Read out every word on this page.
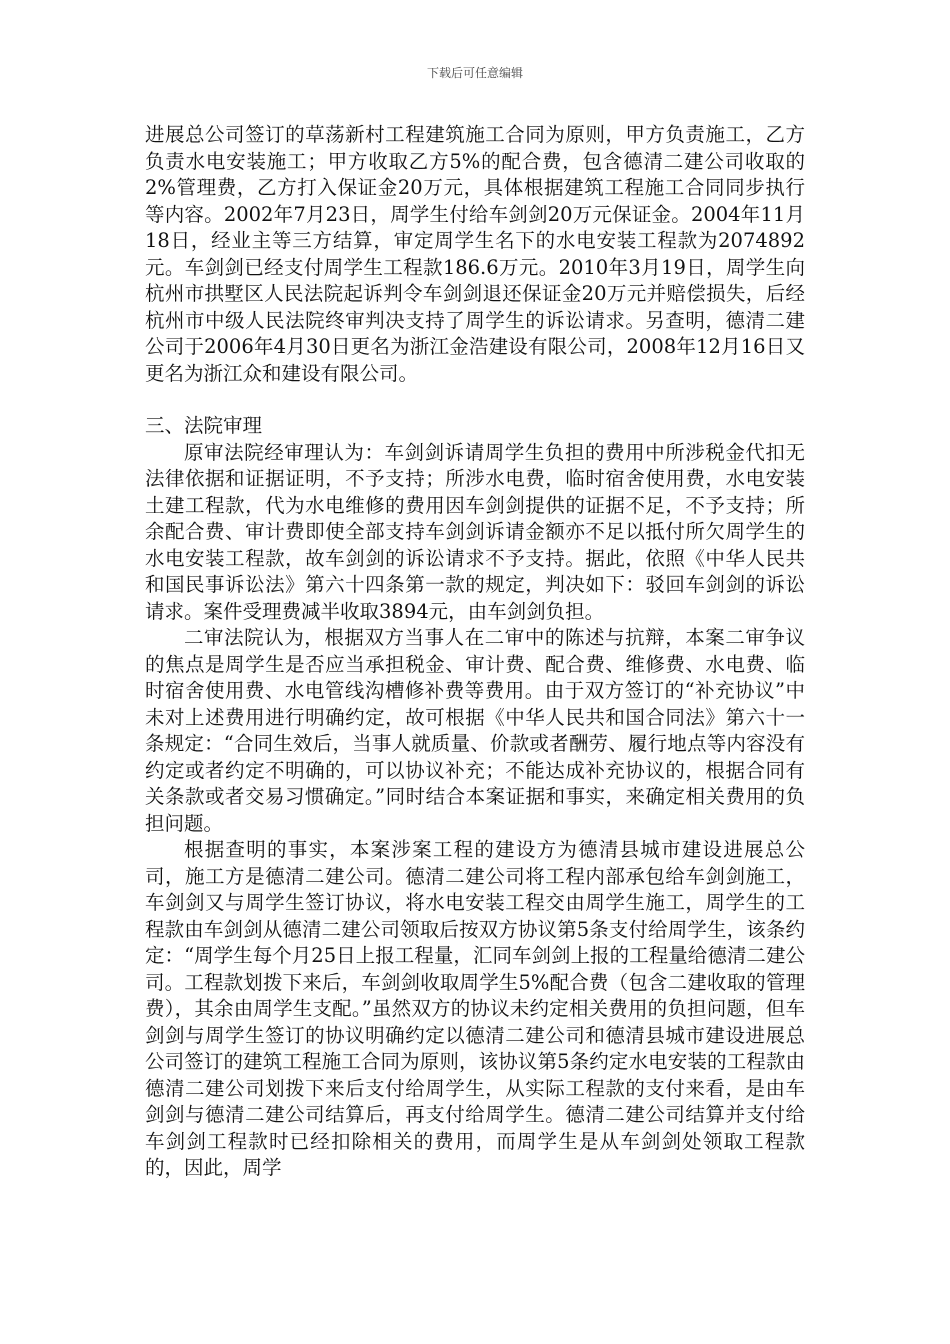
下载后可任意编辑

进展总公司签订的草荡新村工程建筑施工合同为原则，甲方负责施工，乙方负责水电安装施工；甲方收取乙方5%的配合费，包含德清二建公司收取的2%管理费，乙方打入保证金20万元，具体根据建筑工程施工合同同步执行等内容。2002年7月23日，周学生付给车剑剑20万元保证金。2004年11月18日，经业主等三方结算，审定周学生名下的水电安装工程款为2074892元。车剑剑已经支付周学生工程款186.6万元。2010年3月19日，周学生向杭州市拱墅区人民法院起诉判令车剑剑退还保证金20万元并赔偿损失，后经杭州市中级人民法院终审判决支持了周学生的诉讼请求。另查明，德清二建公司于2006年4月30日更名为浙江金浩建设有限公司，2008年12月16日又更名为浙江众和建设有限公司。

三、法院审理

原审法院经审理认为：车剑剑诉请周学生负担的费用中所涉税金代扣无法律依据和证据证明，不予支持；所涉水电费，临时宿舍使用费，水电安装土建工程款，代为水电维修的费用因车剑剑提供的证据不足，不予支持；所余配合费、审计费即使全部支持车剑剑诉请金额亦不足以抵付所欠周学生的水电安装工程款，故车剑剑的诉讼请求不予支持。据此，依照《中华人民共和国民事诉讼法》第六十四条第一款的规定，判决如下：驳回车剑剑的诉讼请求。案件受理费减半收取3894元，由车剑剑负担。

二审法院认为，根据双方当事人在二审中的陈述与抗辩，本案二审争议的焦点是周学生是否应当承担税金、审计费、配合费、维修费、水电费、临时宿舍使用费、水电管线沟槽修补费等费用。由于双方签订的“补充协议”中未对上述费用进行明确约定，故可根据《中华人民共和国合同法》第六十一条规定：“合同生效后，当事人就质量、价款或者酬劳、履行地点等内容没有约定或者约定不明确的，可以协议补充；不能达成补充协议的，根据合同有关条款或者交易习惯确定。”同时结合本案证据和事实，来确定相关费用的负担问题。

根据查明的事实，本案涉案工程的建设方为德清县城市建设进展总公司，施工方是德清二建公司。德清二建公司将工程内部承包给车剑剑施工，车剑剑又与周学生签订协议，将水电安装工程交由周学生施工，周学生的工程款由车剑剑从德清二建公司领取后按双方协议第5条支付给周学生，该条约定：“周学生每个月25日上报工程量，汇同车剑剑上报的工程量给德清二建公司。工程款划拨下来后，车剑剑收取周学生5%配合费（包含二建收取的管理费），其余由周学生支配。”虽然双方的协议未约定相关费用的负担问题，但车剑剑与周学生签订的协议明确约定以德清二建公司和德清县城市建设进展总公司签订的建筑工程施工合同为原则，该协议第5条约定水电安装的工程款由德清二建公司划拨下来后支付给周学生，从实际工程款的支付来看，是由车剑剑与德清二建公司结算后，再支付给周学生。德清二建公司结算并支付给车剑剑工程款时已经扣除相关的费用，而周学生是从车剑剑处领取工程款的，因此，周学
